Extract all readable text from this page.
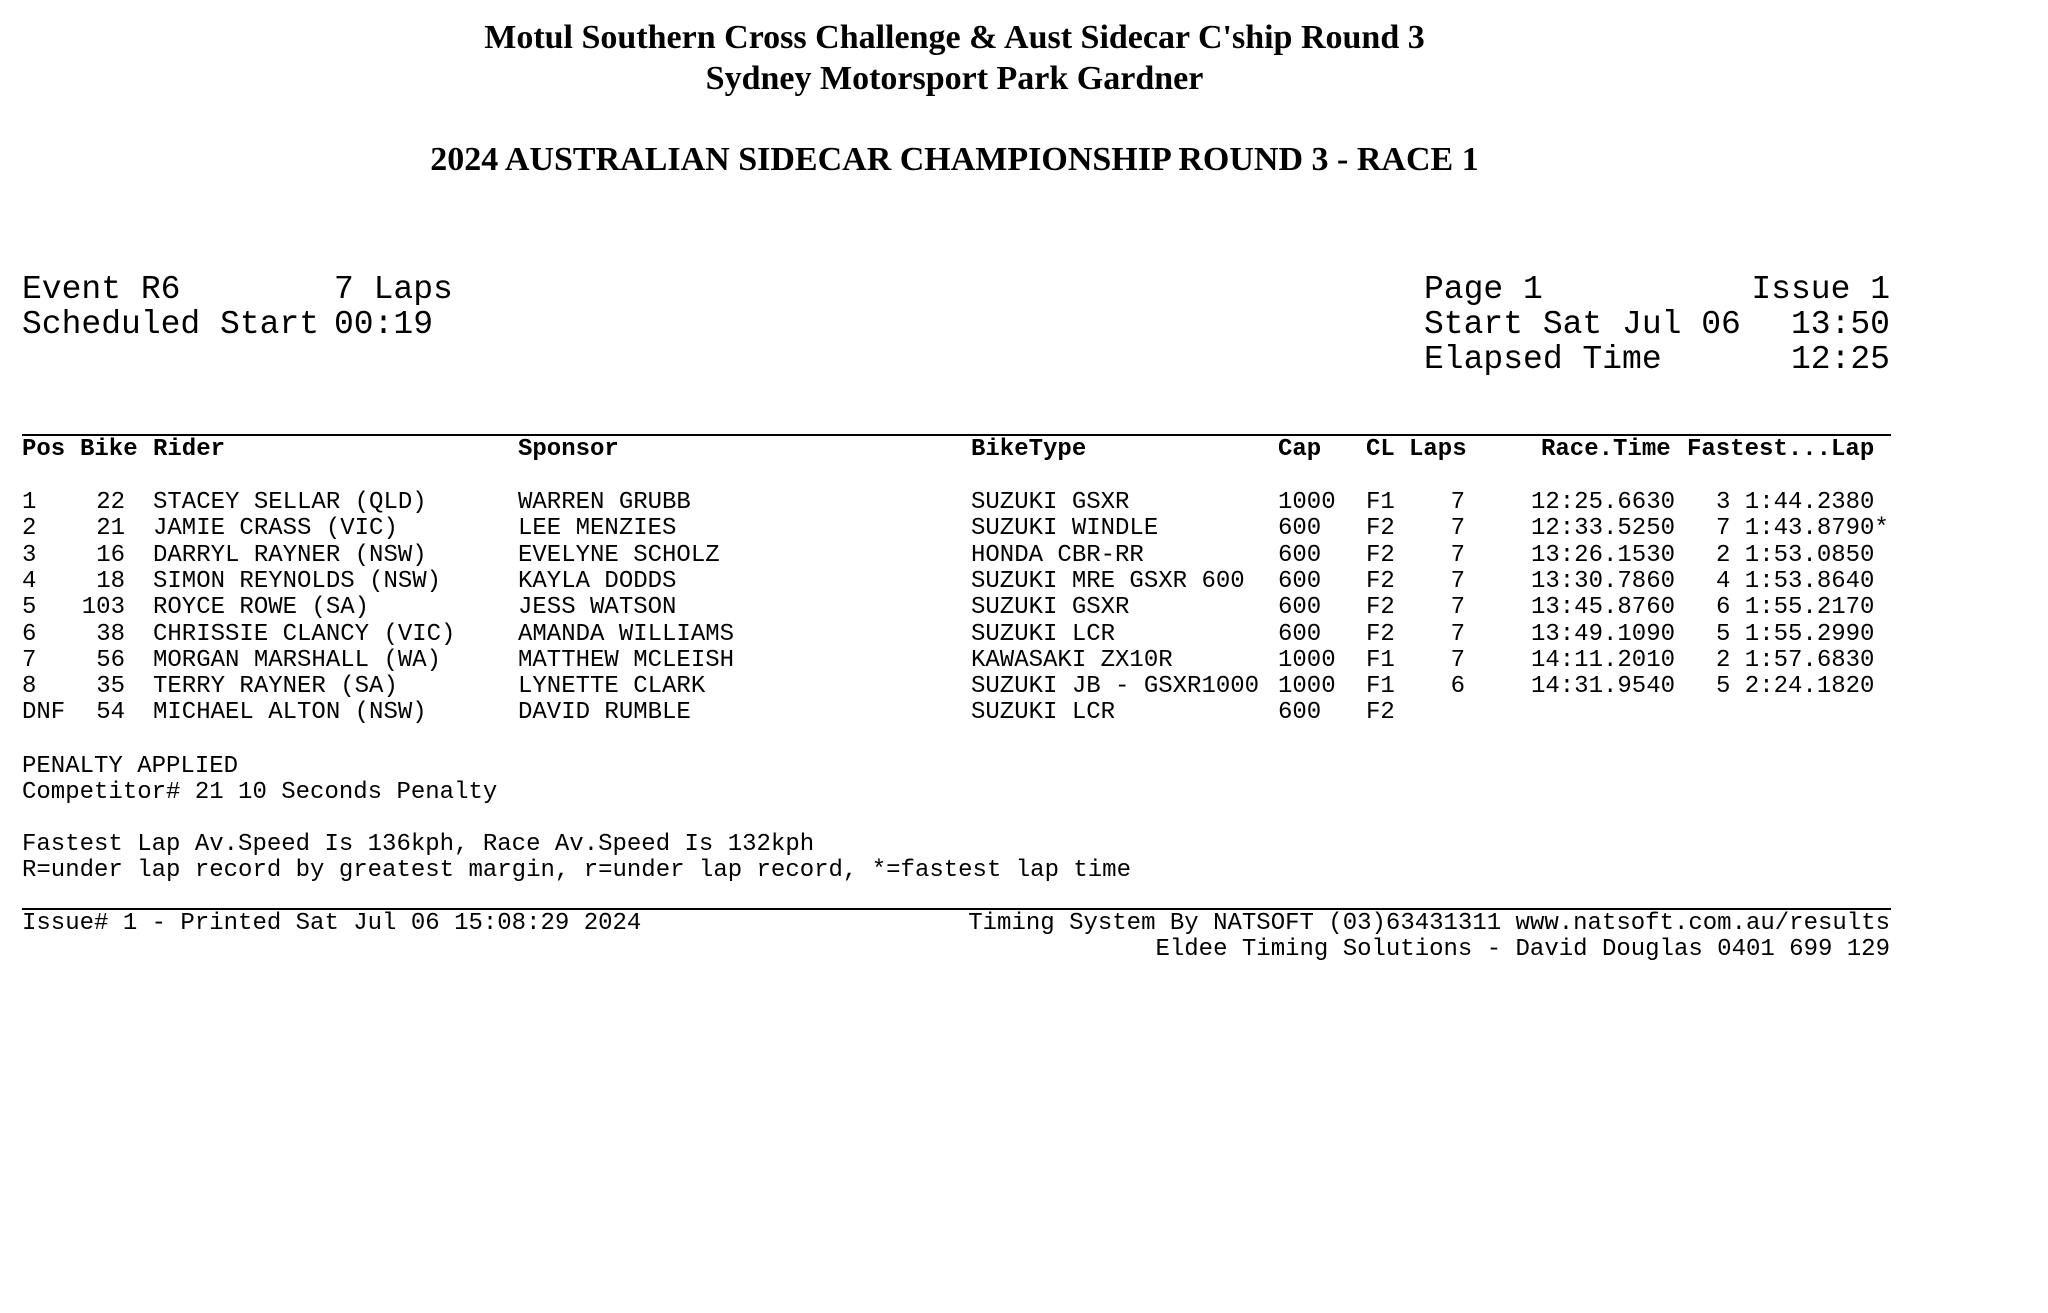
Motul Southern Cross Challenge & Aust Sidecar C'ship Round 3
Sydney Motorsport Park Gardner
2024 AUSTRALIAN SIDECAR CHAMPIONSHIP ROUND 3 - RACE 1
Event R6	7 Laps
Scheduled Start 00:19
Page 1	Issue 1
Start Sat Jul 06	13:50
Elapsed Time	12:25
Pos Bike Rider	Sponsor	BikeType	Cap CL Laps	Race.Time Fastest...Lap
1	22 STACEY SELLAR (QLD)	WARREN GRUBB	SUZUKI GSXR	1000 F1	7	12:25.6630 3 1:44.2380
2	21 JAMIE CRASS (VIC)	LEE MENZIES	SUZUKI WINDLE	600 F2	7	12:33.5250 7 1:43.8790*
3	16 DARRYL RAYNER (NSW)	EVELYNE SCHOLZ	HONDA CBR-RR	600 F2	7	13:26.1530 2 1:53.0850
4	18 SIMON REYNOLDS (NSW)	KAYLA DODDS	SUZUKI MRE GSXR 600 600 F2	7	13:30.7860 4 1:53.8640
5 103 ROYCE ROWE (SA)	JESS WATSON	SUZUKI GSXR	600 F2	7	13:45.8760 6 1:55.2170
6	38 CHRISSIE CLANCY (VIC)	AMANDA WILLIAMS	SUZUKI LCR	600 F2	7	13:49.1090 5 1:55.2990
7	56 MORGAN MARSHALL (WA)	MATTHEW MCLEISH	KAWASAKI ZX10R	1000 F1	7	14:11.2010 2 1:57.6830
8	35 TERRY RAYNER (SA)	LYNETTE CLARK	SUZUKI JB - GSXR1000 1000 F1	6	14:31.9540 5 2:24.1820
DNF	54 MICHAEL ALTON (NSW)	DAVID RUMBLE	SUZUKI LCR	600 F2
PENALTY APPLIED
Competitor# 21 10 Seconds Penalty
Fastest Lap Av.Speed Is 136kph, Race Av.Speed Is 132kph
R=under lap record by greatest margin, r=under lap record, *=fastest lap time
Issue# 1 - Printed Sat Jul 06 15:08:29 2024	Timing System By NATSOFT (03)63431311 www.natsoft.com.au/results
Eldee Timing Solutions - David Douglas 0401 699 129
